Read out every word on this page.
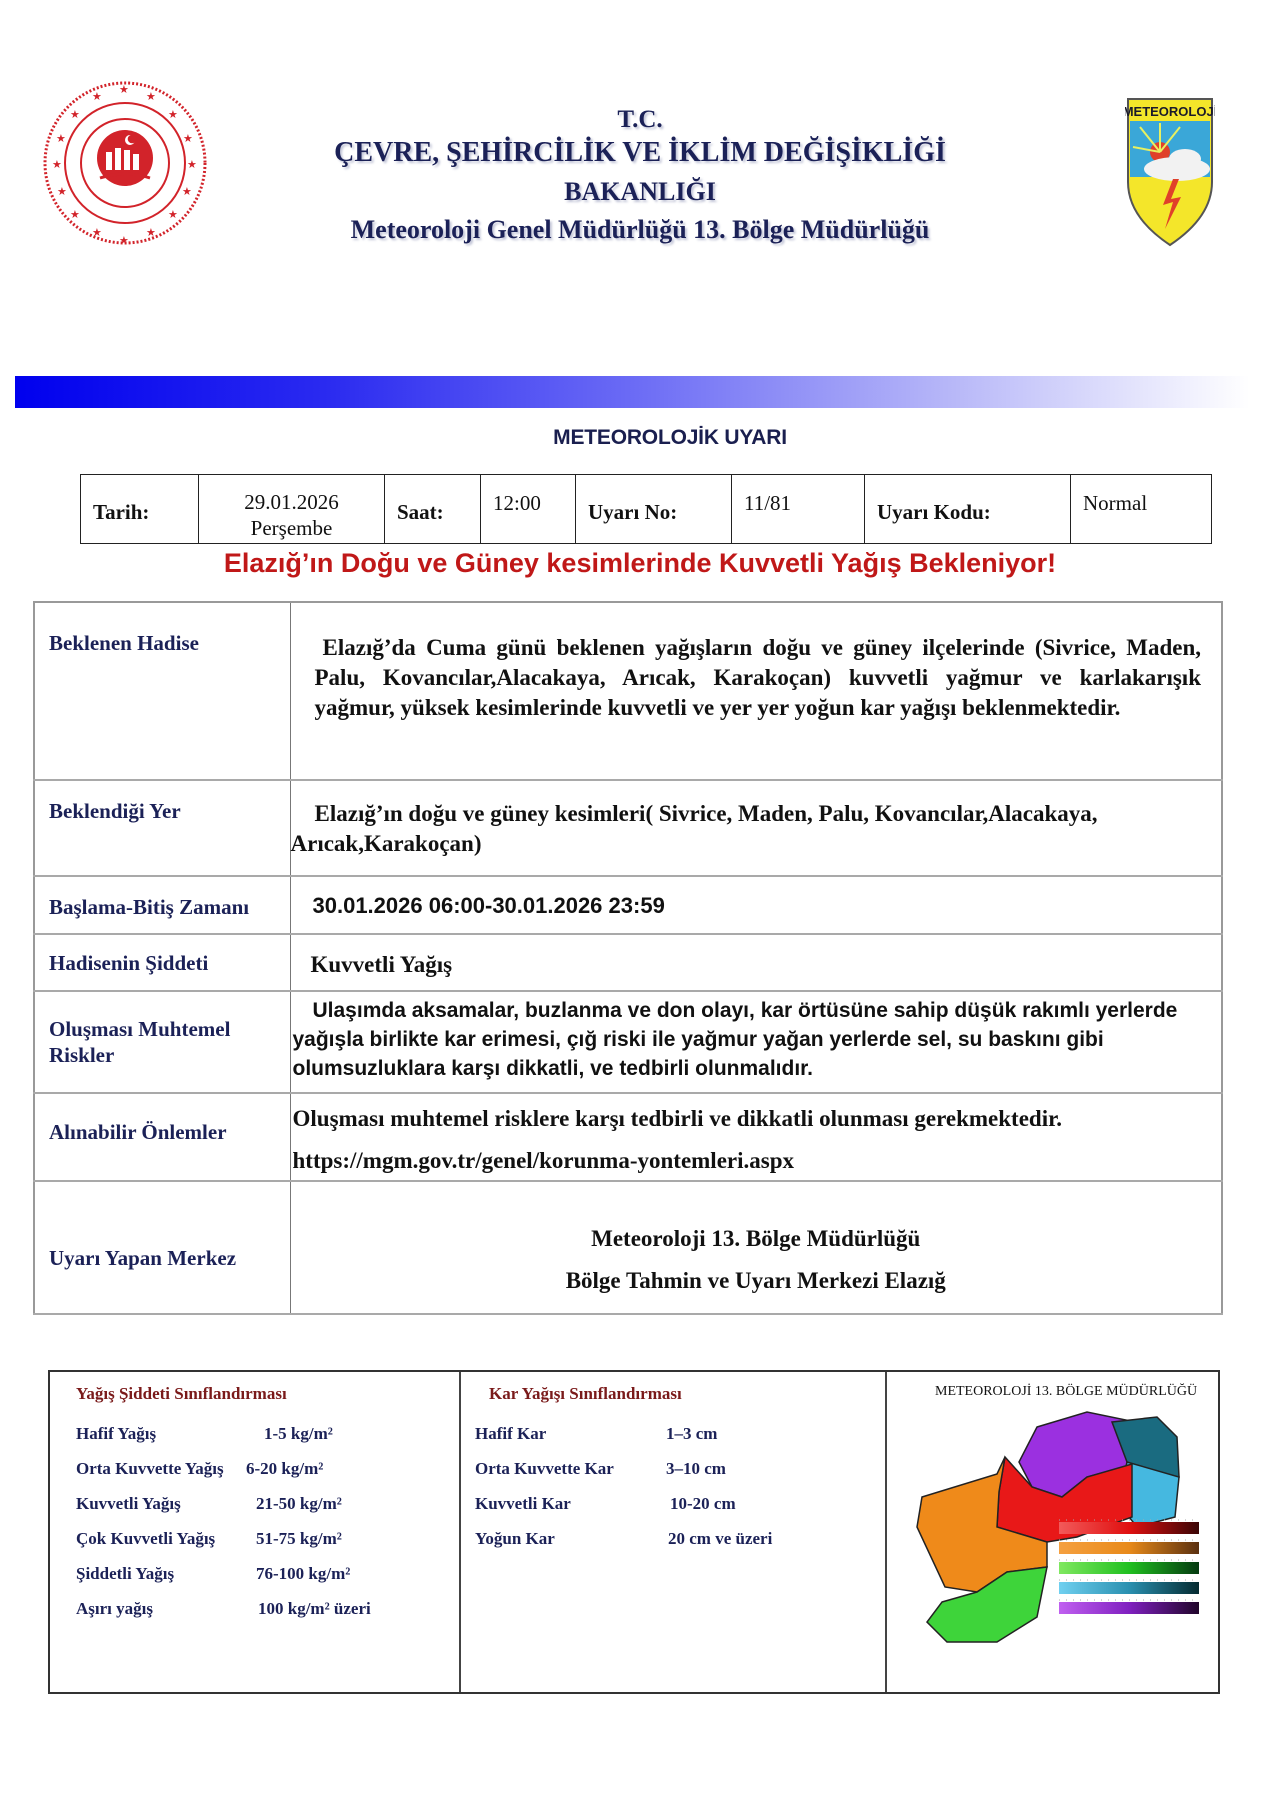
★
★	★
★	★
★	★
★	★
★	★
★	★
★	★
★
T.C.
ÇEVRE, ŞEHİRCİLİK VE İKLİM DEĞİŞİKLİĞİ
BAKANLIĞI
Meteoroloji Genel Müdürlüğü 13. Bölge Müdürlüğü
METEOROLOJİ
METEOROLOJİK UYARI
Tarih:	29.01.2026
Perşembe
Saat:	12:00	Uyarı No:	11/81	Uyarı Kodu:	Normal
Elazığ’ın Doğu ve Güney kesimlerinde Kuvvetli Yağış Bekleniyor!
Beklenen Hadise	Elazığ’da Cuma günü beklenen yağışların doğu ve güney ilçelerinde (Sivrice, Maden, Palu, Kovancılar,Alacakaya, Arıcak, Karakoçan) kuvvetli yağmur ve karlakarışık yağmur, yüksek kesimlerinde kuvvetli ve yer yer yoğun kar yağışı beklenmektedir.

Beklendiği Yer	Elazığ’ın doğu ve güney kesimleri( Sivrice, Maden, Palu, Kovancılar,Alacakaya, Arıcak,Karakoçan)

Başlama-Bitiş Zamanı	30.01.2026 06:00-30.01.2026 23:59

Hadisenin Şiddeti	Kuvvetli Yağış

Oluşması Muhtemel Riskler	Ulaşımda aksamalar, buzlanma ve don olayı, kar örtüsüne sahip düşük rakımlı yerlerde yağışla birlikte kar erimesi, çığ riski ile yağmur yağan yerlerde sel, su baskını gibi olumsuzluklara karşı dikkatli, ve tedbirli olunmalıdır.

Alınabilir Önlemler	Oluşması muhtemel risklere karşı tedbirli ve dikkatli olunması gerekmektedir.
https://mgm.gov.tr/genel/korunma-yontemleri.aspx

Uyarı Yapan Merkez	Meteoroloji 13. Bölge Müdürlüğü
Bölge Tahmin ve Uyarı Merkezi Elazığ
Yağış Şiddeti Sınıflandırması
Hafif Yağış	1-5 kg/m²
Orta Kuvvette Yağış 6-20 kg/m²
Kuvvetli Yağış	21-50 kg/m²
Çok Kuvvetli Yağış 51-75 kg/m²
Şiddetli Yağış	76-100 kg/m²
Aşırı yağış	100 kg/m² üzeri
Kar Yağışı Sınıflandırması
Hafif Kar	1–3 cm
Orta Kuvvette Kar	3–10 cm
Kuvvetli Kar	10-20 cm
Yoğun Kar	20 cm ve üzeri
METEOROLOJİ 13. BÖLGE MÜDÜRLÜĞÜ
